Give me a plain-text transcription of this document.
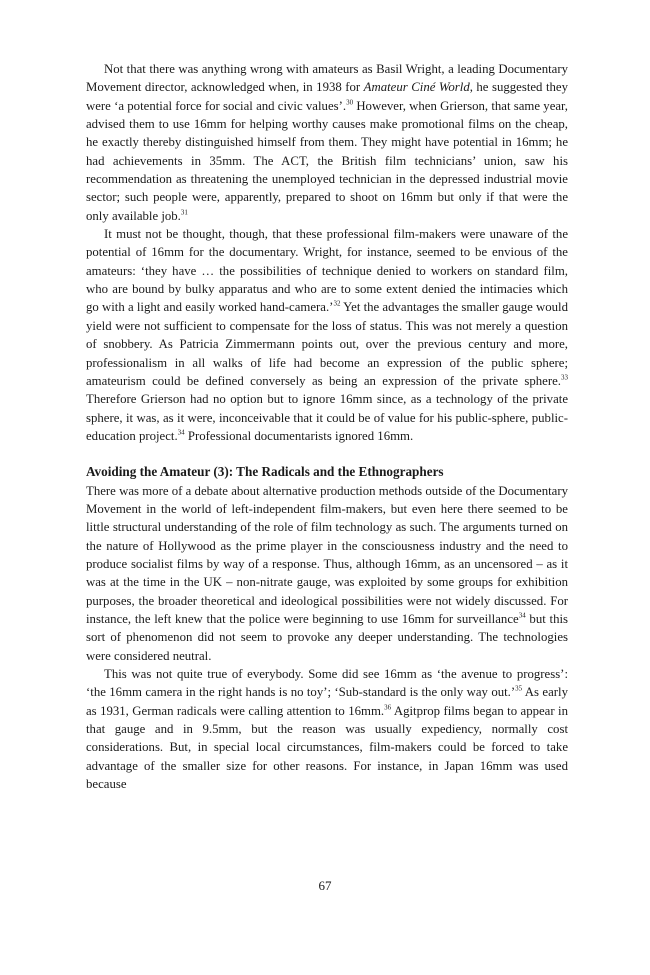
Not that there was anything wrong with amateurs as Basil Wright, a leading Documentary Movement director, acknowledged when, in 1938 for Amateur Ciné World, he suggested they were ‘a potential force for social and civic values’.$^{30}$ However, when Grierson, that same year, advised them to use 16mm for helping worthy causes make promotional films on the cheap, he exactly thereby distinguished himself from them. They might have potential in 16mm; he had achievements in 35mm. The ACT, the British film technicians’ union, saw his recommendation as threatening the unemployed technician in the depressed industrial movie sector; such people were, apparently, prepared to shoot on 16mm but only if that were the only available job.$^{31}$

It must not be thought, though, that these professional film-makers were unaware of the potential of 16mm for the documentary. Wright, for instance, seemed to be envious of the amateurs: ‘they have … the possibilities of technique denied to workers on standard film, who are bound by bulky apparatus and who are to some extent denied the intimacies which go with a light and easily worked hand-camera.’$^{32}$ Yet the advantages the smaller gauge would yield were not sufficient to compensate for the loss of status. This was not merely a question of snobbery. As Patricia Zimmermann points out, over the previous century and more, professionalism in all walks of life had become an expression of the public sphere; amateurism could be defined conversely as being an expression of the private sphere.$^{33}$ Therefore Grierson had no option but to ignore 16mm since, as a technology of the private sphere, it was, as it were, inconceivable that it could be of value for his public-sphere, public-education project.$^{34}$ Professional documentarists ignored 16mm.

Avoiding the Amateur (3): The Radicals and the Ethnographers

There was more of a debate about alternative production methods outside of the Documentary Movement in the world of left-independent film-makers, but even here there seemed to be little structural understanding of the role of film technology as such. The arguments turned on the nature of Hollywood as the prime player in the consciousness industry and the need to produce socialist films by way of a response. Thus, although 16mm, as an uncensored – as it was at the time in the UK – non-nitrate gauge, was exploited by some groups for exhibition purposes, the broader theoretical and ideological possibilities were not widely discussed. For instance, the left knew that the police were beginning to use 16mm for surveillance$^{34}$ but this sort of phenomenon did not seem to provoke any deeper understanding. The technologies were considered neutral.

This was not quite true of everybody. Some did see 16mm as ‘the avenue to progress’: ‘the 16mm camera in the right hands is no toy’; ‘Sub-standard is the only way out.’$^{35}$ As early as 1931, German radicals were calling attention to 16mm.$^{36}$ Agitprop films began to appear in that gauge and in 9.5mm, but the reason was usually expediency, normally cost considerations. But, in special local circumstances, film-makers could be forced to take advantage of the smaller size for other reasons. For instance, in Japan 16mm was used because

67
